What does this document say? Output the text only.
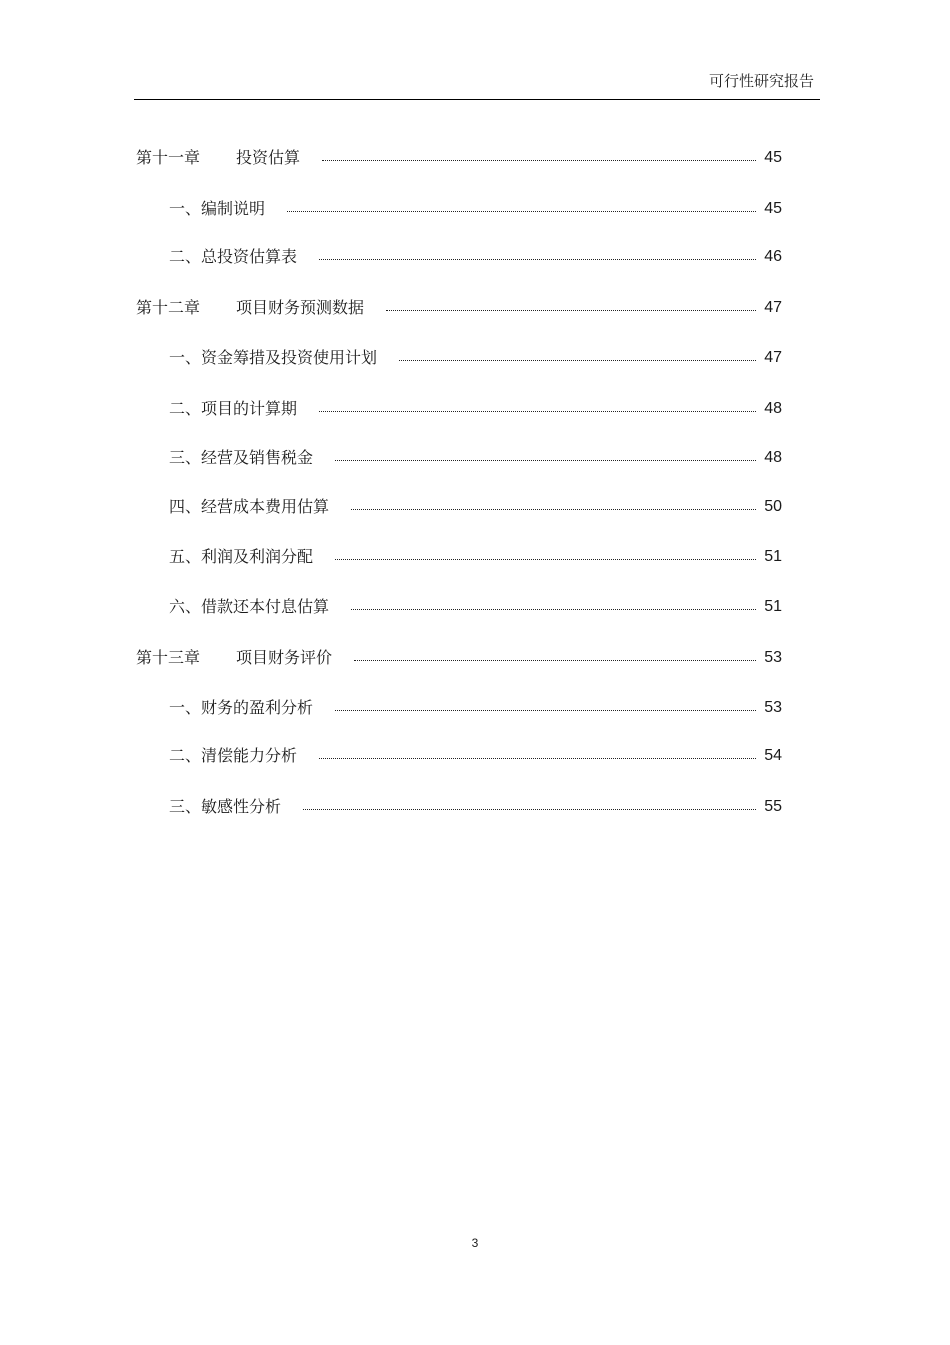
可行性研究报告
第十一章 投资估算	45
一、编制说明	45
二、总投资估算表	46
第十二章 项目财务预测数据	47
一、资金筹措及投资使用计划	47
二、项目的计算期	48
三、经营及销售税金	48
四、经营成本费用估算	50
五、利润及利润分配	51
六、借款还本付息估算	51
第十三章 项目财务评价	53
一、财务的盈利分析	53
二、清偿能力分析	54
三、敏感性分析	55
3
